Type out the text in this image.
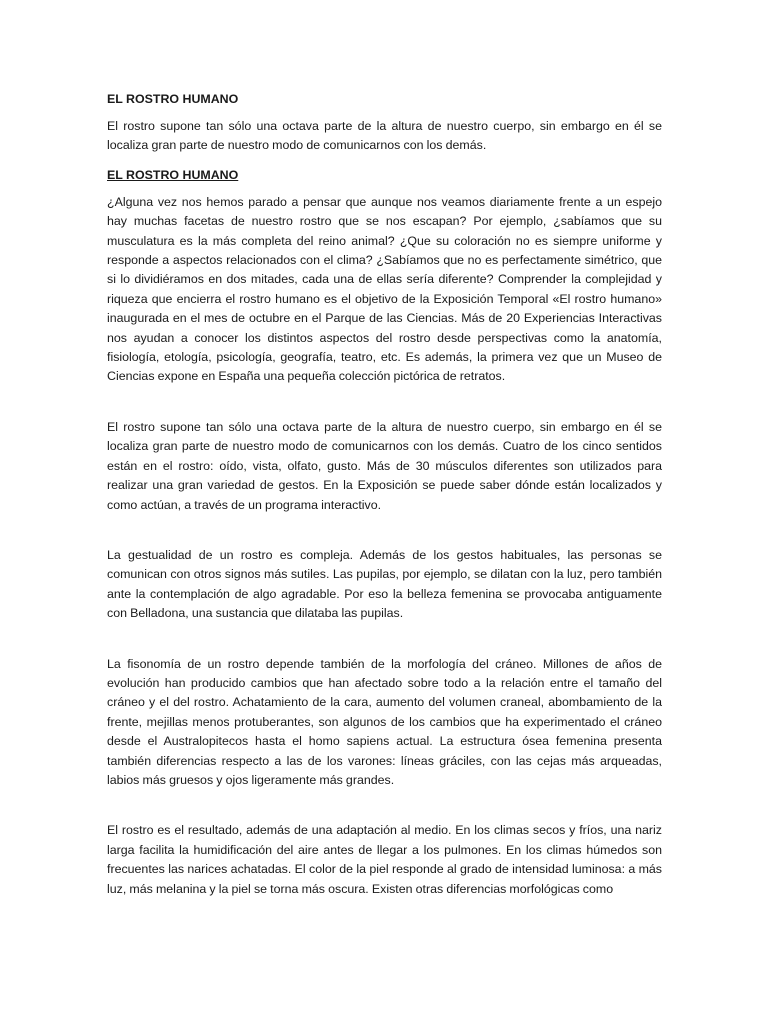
EL ROSTRO HUMANO

El rostro supone tan sólo una octava parte de la altura de nuestro cuerpo, sin embargo en él se localiza gran parte de nuestro modo de comunicarnos con los demás.

EL ROSTRO HUMANO

¿Alguna vez nos hemos parado a pensar que aunque nos veamos diariamente frente a un espejo hay muchas facetas de nuestro rostro que se nos escapan? Por ejemplo, ¿sabíamos que su musculatura es la más completa del reino animal? ¿Que su coloración no es siempre uniforme y responde a aspectos relacionados con el clima? ¿Sabíamos que no es perfectamente simétrico, que si lo dividiéramos en dos mitades, cada una de ellas sería diferente? Comprender la complejidad y riqueza que encierra el rostro humano es el objetivo de la Exposición Temporal «El rostro humano» inaugurada en el mes de octubre en el Parque de las Ciencias. Más de 20 Experiencias Interactivas nos ayudan a conocer los distintos aspectos del rostro desde perspectivas como la anatomía, fisiología, etología, psicología, geografía, teatro, etc. Es además, la primera vez que un Museo de Ciencias expone en España una pequeña colección pictórica de retratos.

El rostro supone tan sólo una octava parte de la altura de nuestro cuerpo, sin embargo en él se localiza gran parte de nuestro modo de comunicarnos con los demás. Cuatro de los cinco sentidos están en el rostro: oído, vista, olfato, gusto. Más de 30 músculos diferentes son utilizados para realizar una gran variedad de gestos. En la Exposición se puede saber dónde están localizados y como actúan, a través de un programa interactivo.

La gestualidad de un rostro es compleja. Además de los gestos habituales, las personas se comunican con otros signos más sutiles. Las pupilas, por ejemplo, se dilatan con la luz, pero también ante la contemplación de algo agradable. Por eso la belleza femenina se provocaba antiguamente con Belladona, una sustancia que dilataba las pupilas.

La fisonomía de un rostro depende también de la morfología del cráneo. Millones de años de evolución han producido cambios que han afectado sobre todo a la relación entre el tamaño del cráneo y el del rostro. Achatamiento de la cara, aumento del volumen craneal, abombamiento de la frente, mejillas menos protuberantes, son algunos de los cambios que ha experimentado el cráneo desde el Australopitecos hasta el homo sapiens actual. La estructura ósea femenina presenta también diferencias respecto a las de los varones: líneas gráciles, con las cejas más arqueadas, labios más gruesos y ojos ligeramente más grandes.

El rostro es el resultado, además de una adaptación al medio. En los climas secos y fríos, una nariz larga facilita la humidificación del aire antes de llegar a los pulmones. En los climas húmedos son frecuentes las narices achatadas. El color de la piel responde al grado de intensidad luminosa: a más luz, más melanina y la piel se torna más oscura. Existen otras diferencias morfológicas como
